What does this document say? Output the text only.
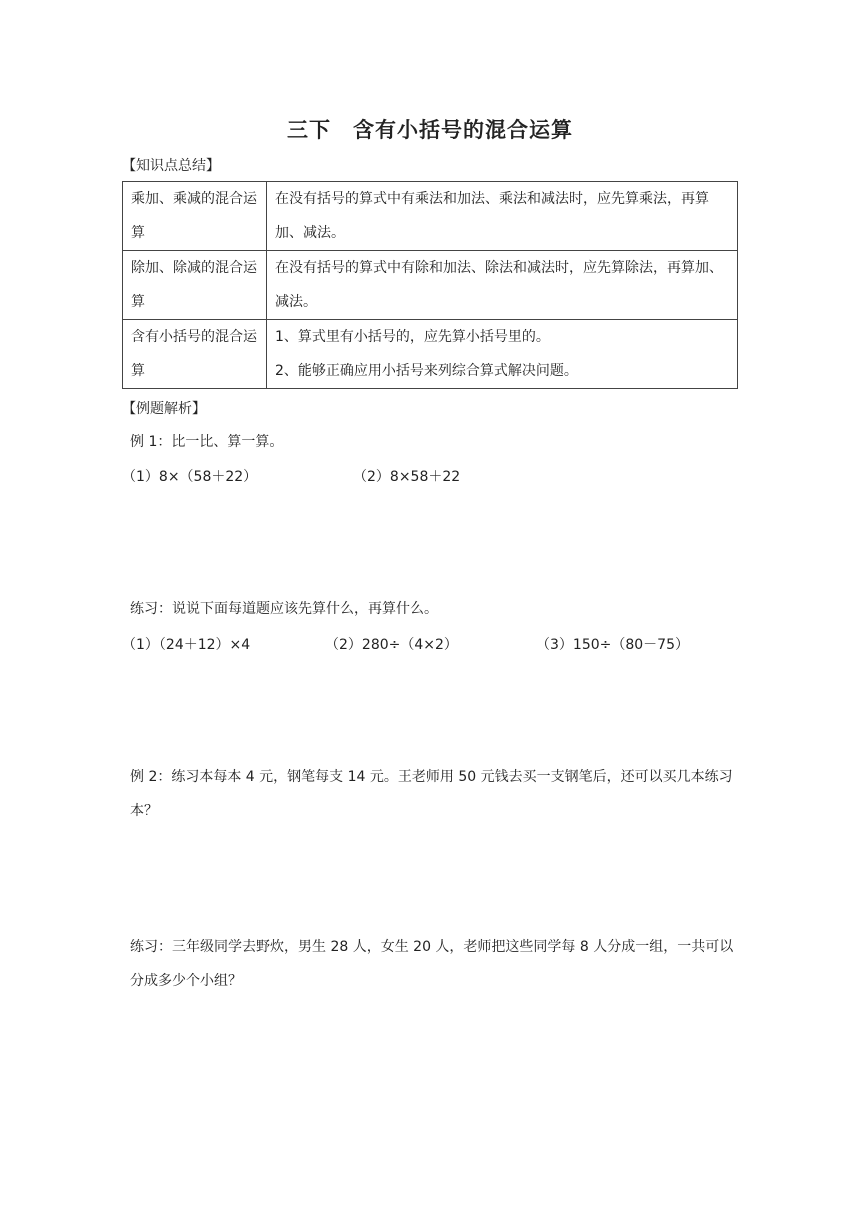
三下　含有小括号的混合运算
【知识点总结】
乘加、乘减的混合运算	在没有括号的算式中有乘法和加法、乘法和减法时，应先算乘法，再算加、减法。
除加、除减的混合运算	在没有括号的算式中有除和加法、除法和减法时，应先算除法，再算加、减法。
含有小括号的混合运算	1、算式里有小括号的，应先算小括号里的。
2、能够正确应用小括号来列综合算式解决问题。
【例题解析】
例 1：比一比、算一算。
（1）8×（58＋22）	（2）8×58＋22
练习：说说下面每道题应该先算什么，再算什么。
（1）（24＋12）×4	（2）280÷（4×2）	（3）150÷（80－75）
例 2：练习本每本 4 元，钢笔每支 14 元。王老师用 50 元钱去买一支钢笔后，还可以买几本练习本？
练习：三年级同学去野炊，男生 28 人，女生 20 人，老师把这些同学每 8 人分成一组，一共可以分成多少个小组？
